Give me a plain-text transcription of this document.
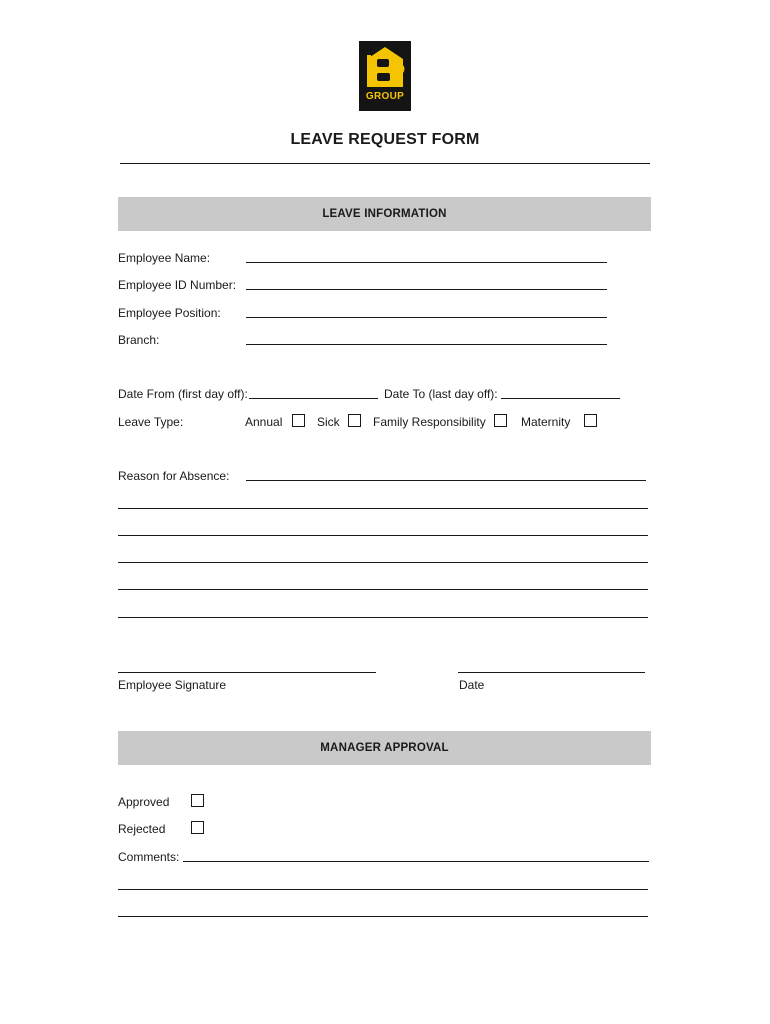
GROUP
LEAVE REQUEST FORM
LEAVE INFORMATION
Employee Name:
Employee ID Number:
Employee Position:
Branch:
Date From (first day off):	Date To (last day off):
Leave Type:	Annual	Sick	Family Responsibility	Maternity
Reason for Absence:
Employee Signature	Date
MANAGER APPROVAL
Approved
Rejected
Comments:
